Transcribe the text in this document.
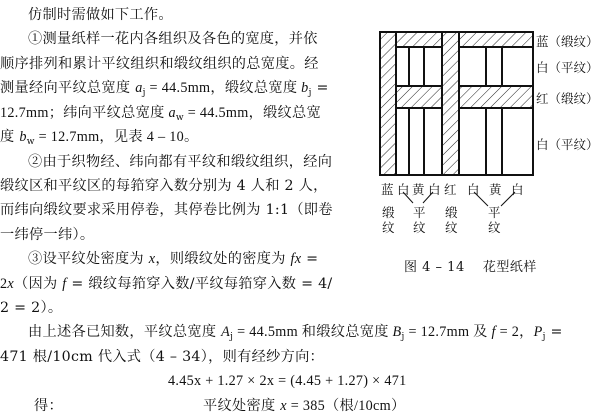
仿制时需做如下工作。
①测量纸样一花内各组织及各色的宽度，并依
顺序排列和累计平纹组织和缎纹组织的总宽度。经
测量经向平纹总宽度 $a_j = 44.5mm$，缎纹总宽度 $b_j$ =
12.7mm；纬向平纹总宽度 $a_w = 44.5mm$，缎纹总宽
度 $b_w = 12.7mm$，见表 4 – 10。
②由于织物经、纬向都有平纹和缎纹组织，经向
缎纹区和平纹区的每筘穿入数分别为 4 人和 2 人，
而纬向缎纹要求采用停卷，其停卷比例为 1:1（即卷
一纬停一纬）。
③设平纹处密度为 x，则缎纹处的密度为 fx =
2x（因为 f = 缎纹每筘穿入数/平纹每筘穿入数 = 4/
2 = 2）。
由上述各已知数，平纹总宽度 $A_j = 44.5mm$ 和缎纹总宽度 $B_j = 12.7mm$ 及 f = 2，$P_j$ =
471 根/10cm 代入式（4 – 34），则有经纱方向：
4.45x + 1.27 × 2x = (4.45 + 1.27) × 471
得：	平纹处密度 x = 385（根/10cm）
蓝（缎纹）
白（平纹）
红（缎纹）
白（平纹）
蓝 白 黄 白 红 白 黄 白
缎
纹
平
纹
缎
纹
平
纹
图 4 – 14　 花型纸样
